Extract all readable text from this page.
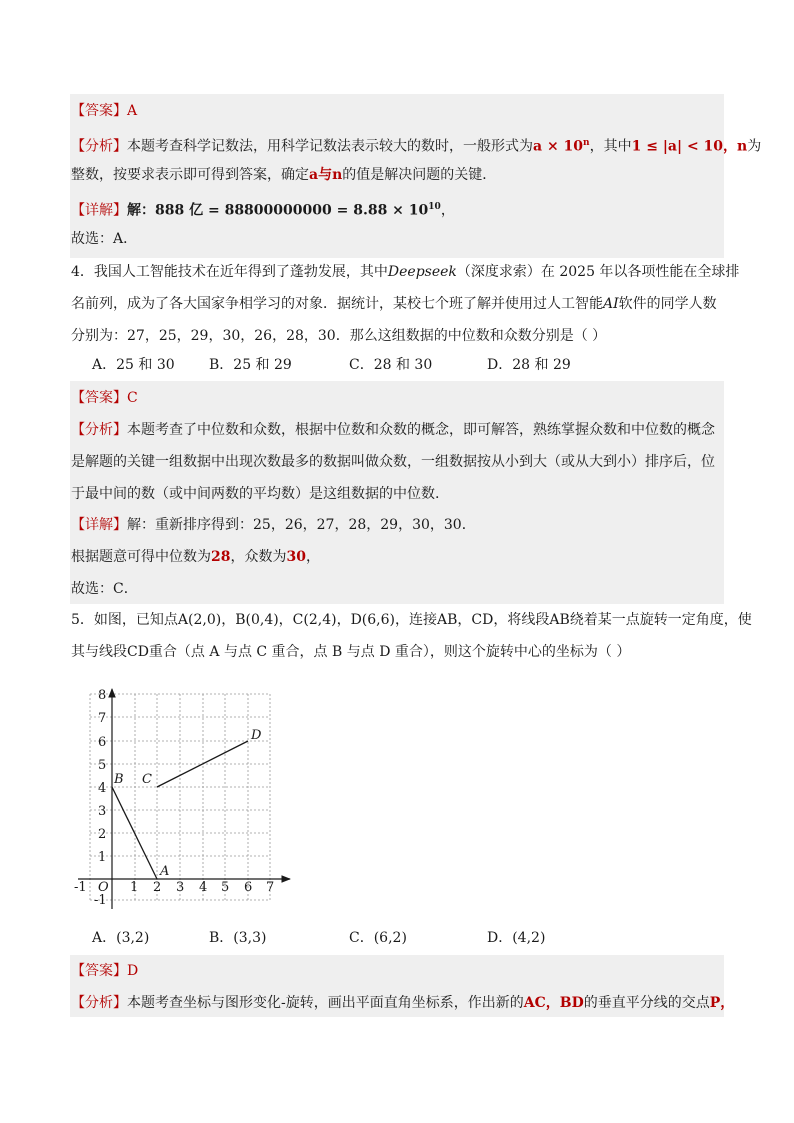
【答案】A
【分析】本题考查科学记数法，用科学记数法表示较大的数时，一般形式为$a \times 10^n$，其中1 ≤ |a| < 10，n为
整数，按要求表示即可得到答案，确定a与n的值是解决问题的关键．
【详解】解：888 亿 = $88800000000 = 8.88 \times 10^{10}$，
故选：A．
4．我国人工智能技术在近年得到了蓬勃发展，其中Deepseek（深度求索）在 2025 年以各项性能在全球排
名前列，成为了各大国家争相学习的对象．据统计，某校七个班了解并使用过人工智能AI软件的同学人数
分别为：27，25，29，30，26，28，30．那么这组数据的中位数和众数分别是（ ）
A．25 和 30 B．25 和 29	C．28 和 30	D．28 和 29
【答案】C
【分析】本题考查了中位数和众数，根据中位数和众数的概念，即可解答，熟练掌握众数和中位数的概念
是解题的关键一组数据中出现次数最多的数据叫做众数，一组数据按从小到大（或从大到小）排序后，位
于最中间的数（或中间两数的平均数）是这组数据的中位数.
【详解】解：重新排序得到：25，26，27，28，29，30，30．
根据题意可得中位数为28，众数为30，
故选：C．
5．如图，已知点A(2,0)，B(0,4)，C(2,4)，D(6,6)，连接AB，CD，将线段AB绕着某一点旋转一定角度，使
其与线段CD重合（点 A 与点 C 重合，点 B 与点 D 重合），则这个旋转中心的坐标为（ ）
8
7
6
5
4
3
2
1
-1
-1 O 1 2 3 4 5 6 7
A
B C
D
A．(3,2)	B．(3,3)	C．(6,2)	D．(4,2)
【答案】D
【分析】本题考查坐标与图形变化-旋转，画出平面直角坐标系，作出新的AC，BD的垂直平分线的交点P，
